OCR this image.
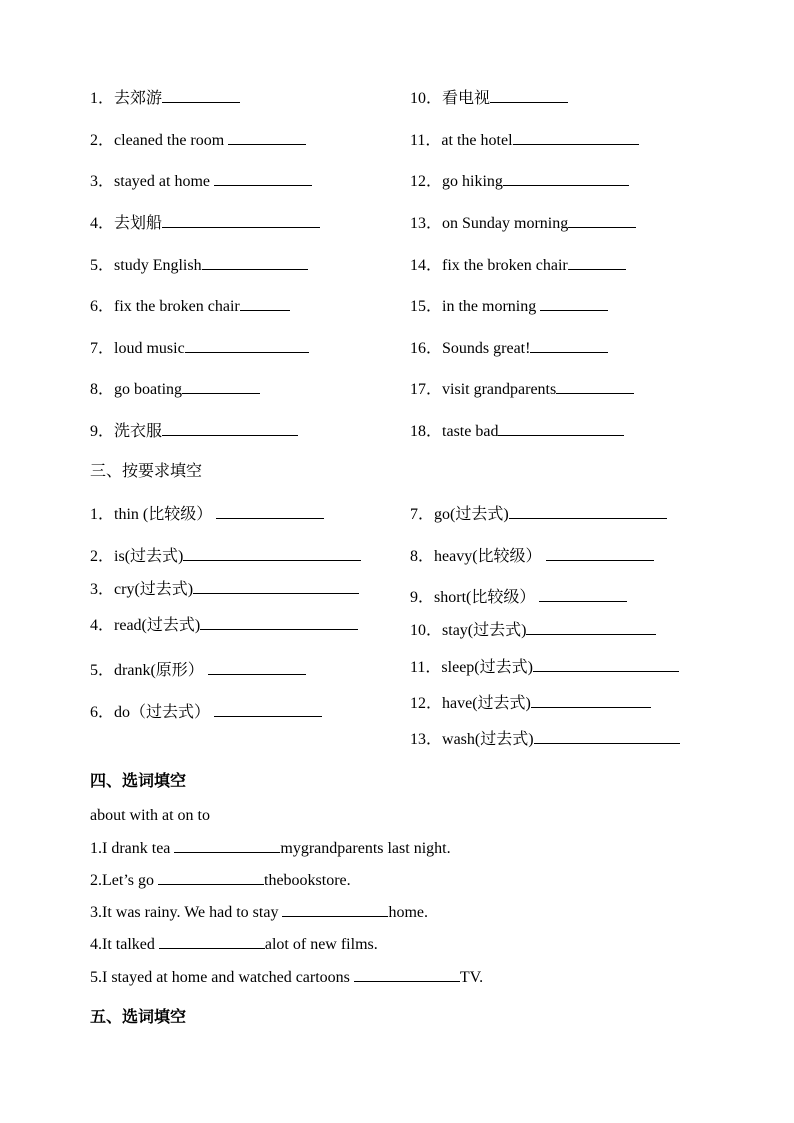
1．去郊游
2．cleaned the room
3．stayed at home
4．去划船
5．study English
6．fix the broken chair
7．loud music
8．go boating
9．洗衣服
10．看电视
11．at the hotel
12．go hiking
13．on Sunday morning
14．fix the broken chair
15．in the morning
16．Sounds great!
17．visit grandparents
18．taste bad
三、按要求填空
1．thin (比较级）
2．is(过去式)
3．cry(过去式)
4．read(过去式)
5．drank(原形）
6．do（过去式）
7．go(过去式)
8．heavy(比较级）
9．short(比较级）
10．stay(过去式)
11．sleep(过去式)
12．have(过去式)
13．wash(过去式)
四、选词填空
about with at on to
1.I drank tea	mygrandparents last night.
2.Let’s go	thebookstore.
3.It was rainy. We had to stay	home.
4.It talked	alot of new films.
5.I stayed at home and watched cartoons	TV.
五、选词填空
